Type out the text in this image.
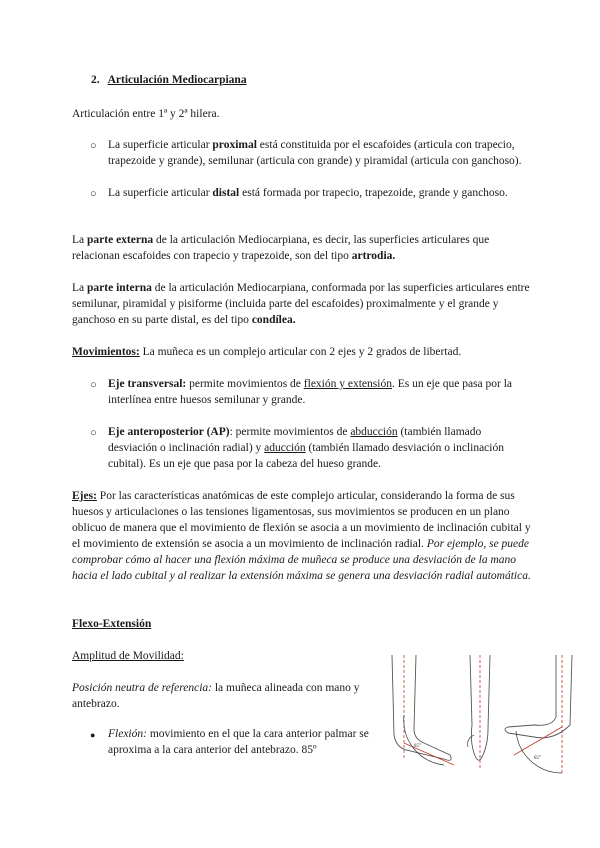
2. Articulación Mediocarpiana
Articulación entre 1ª y 2ª hilera.
○ La superficie articular proximal está constituida por el escafoides (articula con trapecio, trapezoide y grande), semilunar (articula con grande) y piramidal (articula con ganchoso).
○ La superficie articular distal está formada por trapecio, trapezoide, grande y ganchoso.
La parte externa de la articulación Mediocarpiana, es decir, las superficies articulares que relacionan escafoides con trapecio y trapezoide, son del tipo artrodia.
La parte interna de la articulación Mediocarpiana, conformada por las superficies articulares entre semilunar, piramidal y pisiforme (incluida parte del escafoides) proximalmente y el grande y ganchoso en su parte distal, es del tipo condílea.
Movimientos: La muñeca es un complejo articular con 2 ejes y 2 grados de libertad.
○ Eje transversal: permite movimientos de flexión y extensión. Es un eje que pasa por la interlínea entre huesos semilunar y grande.
○ Eje anteroposterior (AP): permite movimientos de abducción (también llamado desviación o inclinación radial) y aducción (también llamado desviación o inclinación cubital). Es un eje que pasa por la cabeza del hueso grande.
Ejes: Por las características anatómicas de este complejo articular, considerando la forma de sus huesos y articulaciones o las tensiones ligamentosas, sus movimientos se producen en un plano oblicuo de manera que el movimiento de flexión se asocia a un movimiento de inclinación cubital y el movimiento de extensión se asocia a un movimiento de inclinación radial. Por ejemplo, se puede comprobar cómo al hacer una flexión máxima de muñeca se produce una desviación de la mano hacia el lado cubital y al realizar la extensión máxima se genera una desviación radial automática.
Flexo-Extensión
Amplitud de Movilidad:
Posición neutra de referencia: la muñeca alineada con mano y antebrazo.
● Flexión: movimiento en el que la cara anterior palmar se aproxima a la cara anterior del antebrazo. 85º	85°
85°
